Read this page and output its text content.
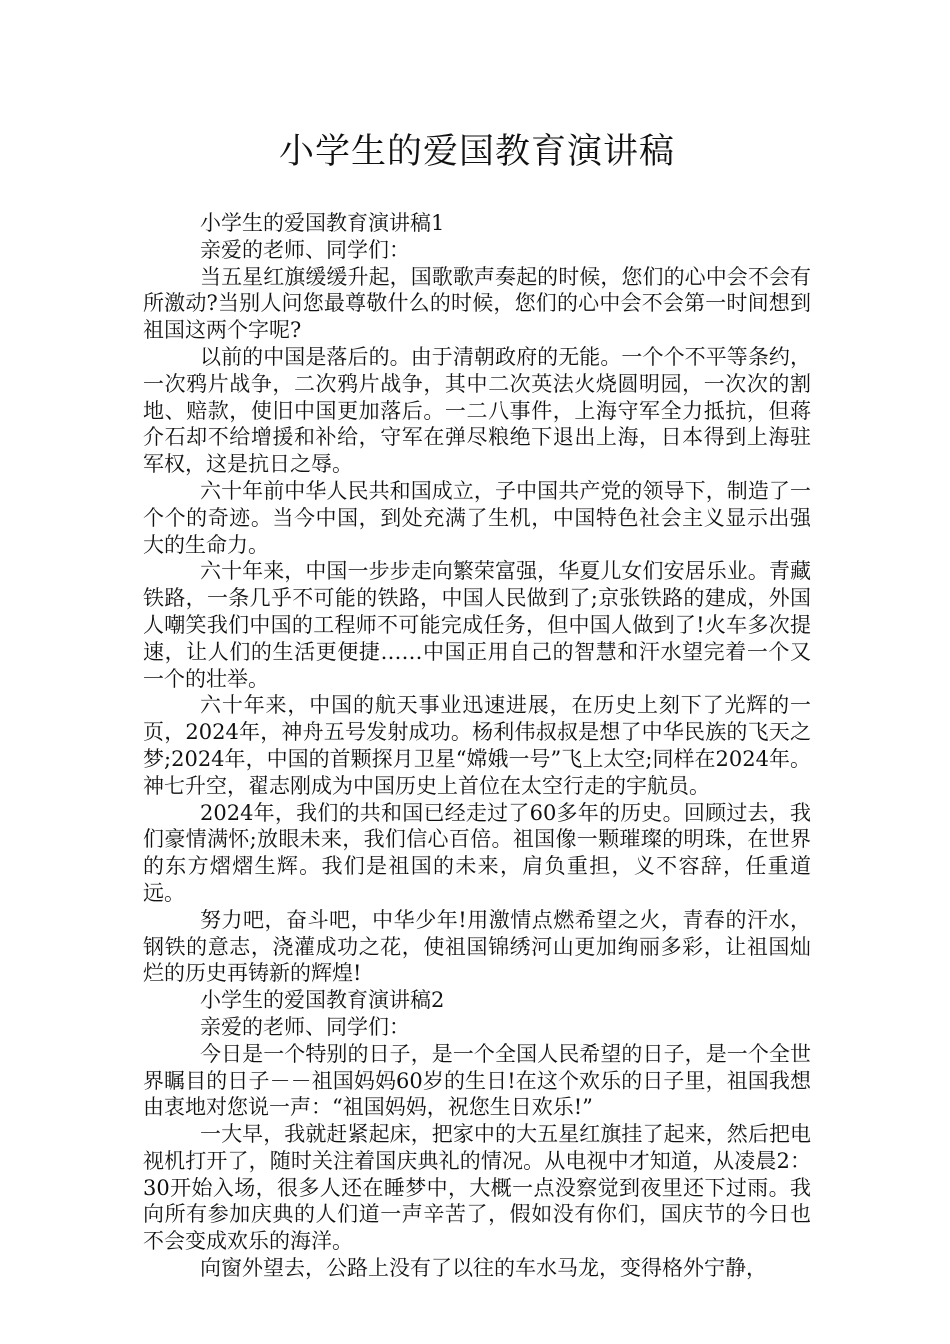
小学生的爱国教育演讲稿

小学生的爱国教育演讲稿1

亲爱的老师、同学们：

当五星红旗缓缓升起，国歌歌声奏起的时候，您们的心中会不会有所激动?当别人问您最尊敬什么的时候，您们的心中会不会第一时间想到祖国这两个字呢?

以前的中国是落后的。由于清朝政府的无能。一个个不平等条约，一次鸦片战争，二次鸦片战争，其中二次英法火烧圆明园，一次次的割地、赔款，使旧中国更加落后。一二八事件，上海守军全力抵抗，但蒋介石却不给增援和补给，守军在弹尽粮绝下退出上海，日本得到上海驻军权，这是抗日之辱。

六十年前中华人民共和国成立，子中国共产党的领导下，制造了一个个的奇迹。当今中国，到处充满了生机，中国特色社会主义显示出强大的生命力。

六十年来，中国一步步走向繁荣富强，华夏儿女们安居乐业。青藏铁路，一条几乎不可能的铁路，中国人民做到了;京张铁路的建成，外国人嘲笑我们中国的工程师不可能完成任务，但中国人做到了!火车多次提速，让人们的生活更便捷……中国正用自己的智慧和汗水望完着一个又一个的壮举。

六十年来，中国的航天事业迅速进展，在历史上刻下了光辉的一页，2024年，神舟五号发射成功。杨利伟叔叔是想了中华民族的飞天之梦;2024年，中国的首颗探月卫星“嫦娥一号”飞上太空;同样在2024年。神七升空，翟志刚成为中国历史上首位在太空行走的宇航员。

2024年，我们的共和国已经走过了60多年的历史。回顾过去，我们豪情满怀;放眼未来，我们信心百倍。祖国像一颗璀璨的明珠，在世界的东方熠熠生辉。我们是祖国的未来，肩负重担，义不容辞，任重道远。

努力吧，奋斗吧，中华少年!用激情点燃希望之火，青春的汗水，钢铁的意志，浇灌成功之花，使祖国锦绣河山更加绚丽多彩，让祖国灿烂的历史再铸新的辉煌!

小学生的爱国教育演讲稿2

亲爱的老师、同学们：

今日是一个特别的日子，是一个全国人民希望的日子，是一个全世界瞩目的日子－－祖国妈妈60岁的生日!在这个欢乐的日子里，祖国我想由衷地对您说一声：“祖国妈妈，祝您生日欢乐!”

一大早，我就赶紧起床，把家中的大五星红旗挂了起来，然后把电视机打开了，随时关注着国庆典礼的情况。从电视中才知道，从凌晨2：30开始入场，很多人还在睡梦中，大概一点没察觉到夜里还下过雨。我向所有参加庆典的人们道一声辛苦了，假如没有你们，国庆节的今日也不会变成欢乐的海洋。

向窗外望去，公路上没有了以往的车水马龙，变得格外宁静，
